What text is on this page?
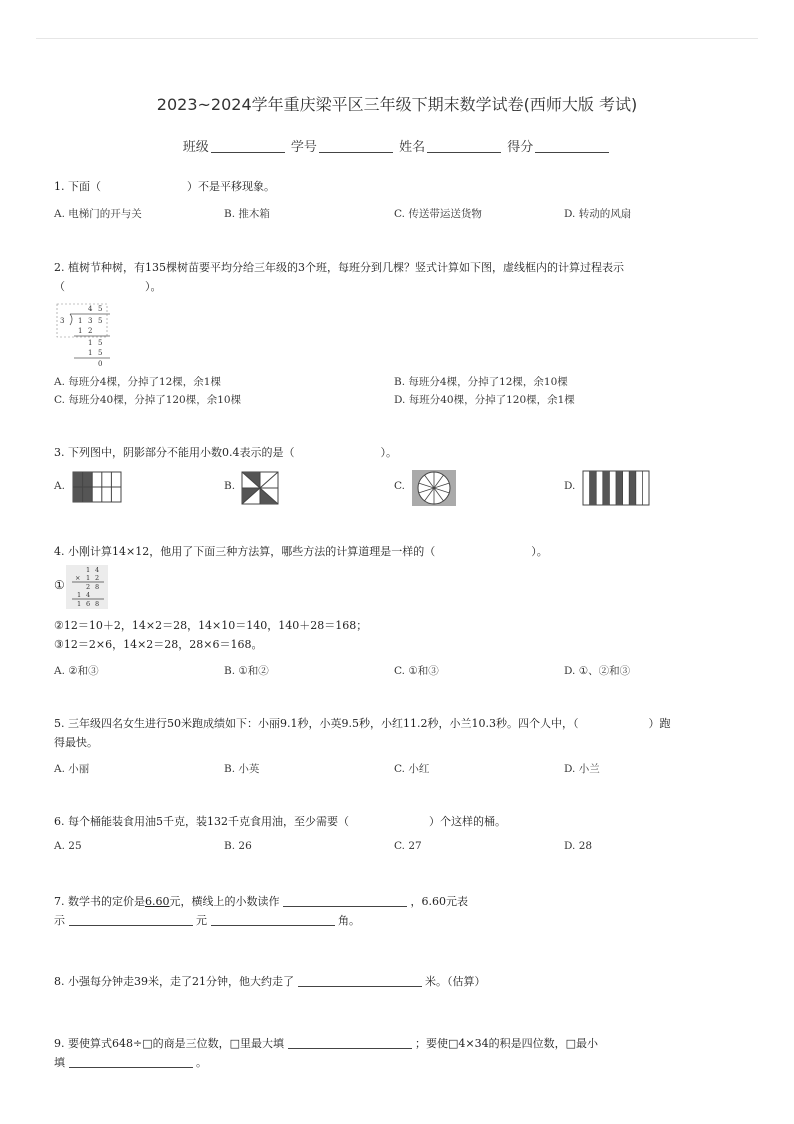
2023~2024学年重庆梁平区三年级下期末数学试卷(西师大版 考试)
班级	学号	姓名	得分
1. 下面（	）不是平移现象。
A. 电梯门的开与关	B. 推木箱	C. 传送带运送货物	D. 转动的风扇
2. 植树节种树，有135棵树苗要平均分给三年级的3个班，每班分到几棵？竖式计算如下图，虚线框内的计算过程表示
（	）。
4 5
3 1 3 5
1 2
1 5
1 5
0
A. 每班分4棵，分掉了12棵，余1棵	B. 每班分4棵，分掉了12棵，余10棵
C. 每班分40棵，分掉了120棵，余10棵	D. 每班分40棵，分掉了120棵，余1棵
3. 下列图中，阴影部分不能用小数0.4表示的是（	）。
A.	B.	C.	D.
4. 小刚计算14×12，他用了下面三种方法算，哪些方法的计算道理是一样的（	）。
①
1 4
× 1 2
2 8
1 4
1 6 8
②12＝10＋2，14×2＝28，14×10＝140，140＋28＝168；
③12＝2×6，14×2＝28，28×6＝168。
A. ②和③	B. ①和②	C. ①和③	D. ①、②和③
5. 三年级四名女生进行50米跑成绩如下：小丽9.1秒，小英9.5秒，小红11.2秒，小兰10.3秒。四个人中，（	）跑
得最快。
A. 小丽	B. 小英	C. 小红	D. 小兰
6. 每个桶能装食用油5千克，装132千克食用油，至少需要（	）个这样的桶。
A. 25	B. 26	C. 27	D. 28
7. 数学书的定价是6.60元，横线上的小数读作	，6.60元表
示	元	角。
8. 小强每分钟走39米，走了21分钟，他大约走了	米。（估算）
9. 要使算式648÷□的商是三位数，□里最大填	；要使□4×34的积是四位数，□最小
填	。
